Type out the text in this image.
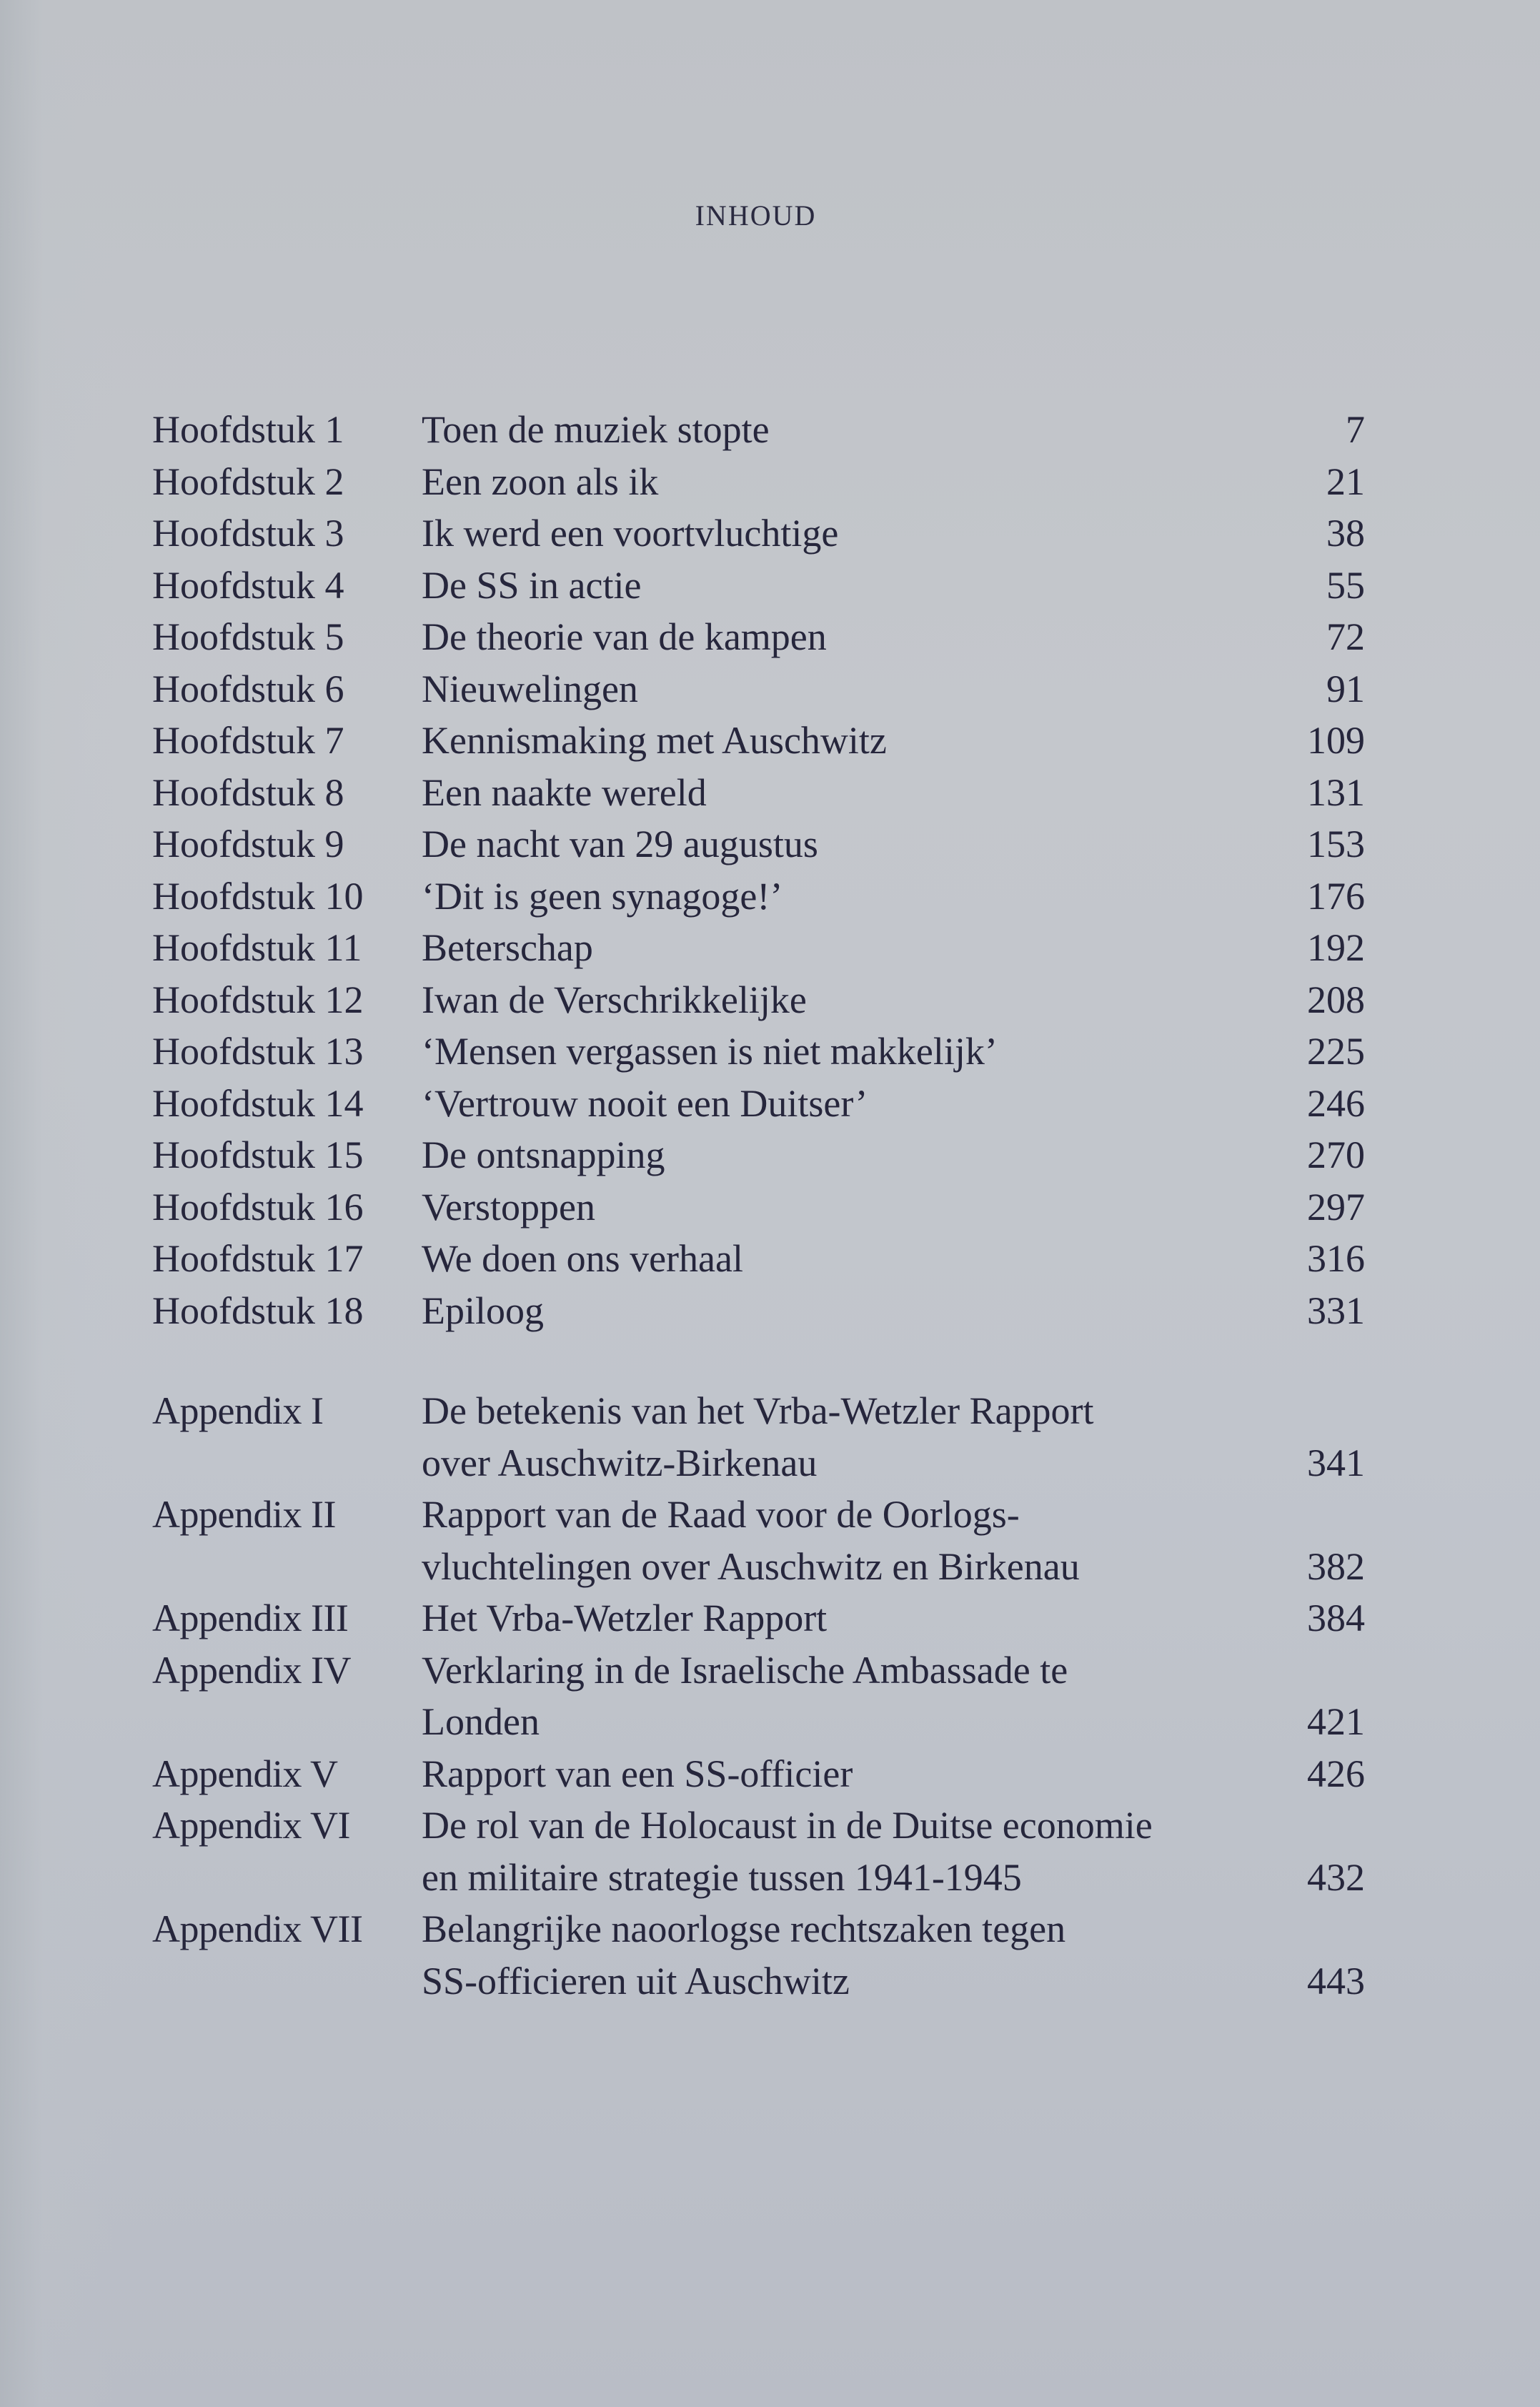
INHOUD
Hoofdstuk 1	Toen de muziek stopte	7
Hoofdstuk 2	Een zoon als ik	21
Hoofdstuk 3	Ik werd een voortvluchtige	38
Hoofdstuk 4	De SS in actie	55
Hoofdstuk 5	De theorie van de kampen	72
Hoofdstuk 6	Nieuwelingen	91
Hoofdstuk 7	Kennismaking met Auschwitz	109
Hoofdstuk 8	Een naakte wereld	131
Hoofdstuk 9	De nacht van 29 augustus	153
Hoofdstuk 10	‘Dit is geen synagoge!’	176
Hoofdstuk 11	Beterschap	192
Hoofdstuk 12	Iwan de Verschrikkelijke	208
Hoofdstuk 13	‘Mensen vergassen is niet makkelijk’	225
Hoofdstuk 14	‘Vertrouw nooit een Duitser’	246
Hoofdstuk 15	De ontsnapping	270
Hoofdstuk 16	Verstoppen	297
Hoofdstuk 17	We doen ons verhaal	316
Hoofdstuk 18	Epiloog	331
Appendix I	De betekenis van het Vrba-Wetzler Rapport
over Auschwitz-Birkenau	341
Appendix II	Rapport van de Raad voor de Oorlogs-
vluchtelingen over Auschwitz en Birkenau	382
Appendix III	Het Vrba-Wetzler Rapport	384
Appendix IV	Verklaring in de Israelische Ambassade te
Londen	421
Appendix V	Rapport van een SS-officier	426
Appendix VI	De rol van de Holocaust in de Duitse economie
en militaire strategie tussen 1941-1945	432
Appendix VII	Belangrijke naoorlogse rechtszaken tegen
SS-officieren uit Auschwitz	443
